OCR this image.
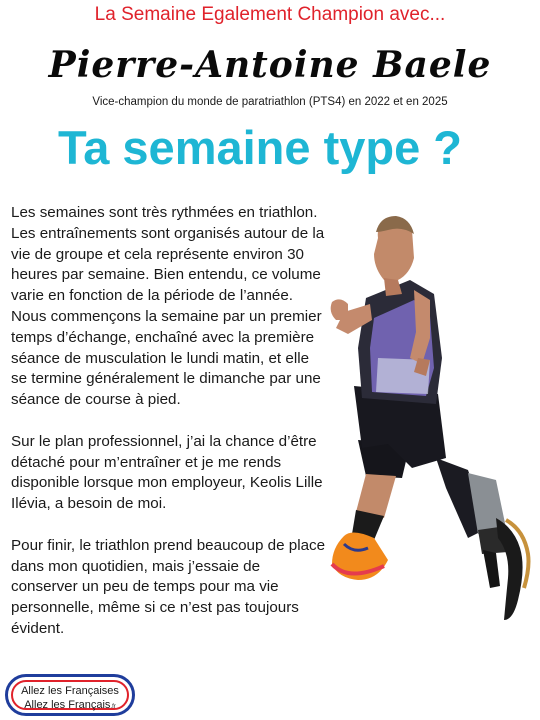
La Semaine Egalement Champion avec...
Pierre-Antoine Baele
Vice-champion du monde de paratriathlon (PTS4) en 2022 et en 2025
Ta semaine type ?

Les semaines sont très rythmées en triathlon. Les entraînements sont organisés autour de la vie de groupe et cela représente environ 30 heures par semaine. Bien entendu, ce volume varie en fonction de la période de l’année. Nous commençons la semaine par un premier temps d’échange, enchaîné avec la première séance de musculation le lundi matin, et elle se termine généralement le dimanche par une séance de course à pied.

Sur le plan professionnel, j’ai la chance d’être détaché pour m’entraîner et je me rends disponible lorsque mon employeur, Keolis Lille Ilévia, a besoin de moi.

Pour finir, le triathlon prend beaucoup de place dans mon quotidien, mais j’essaie de conserver un peu de temps pour ma vie personnelle, même si ce n’est pas toujours évident.

Allez les Françaises
Allez les Français.fr
